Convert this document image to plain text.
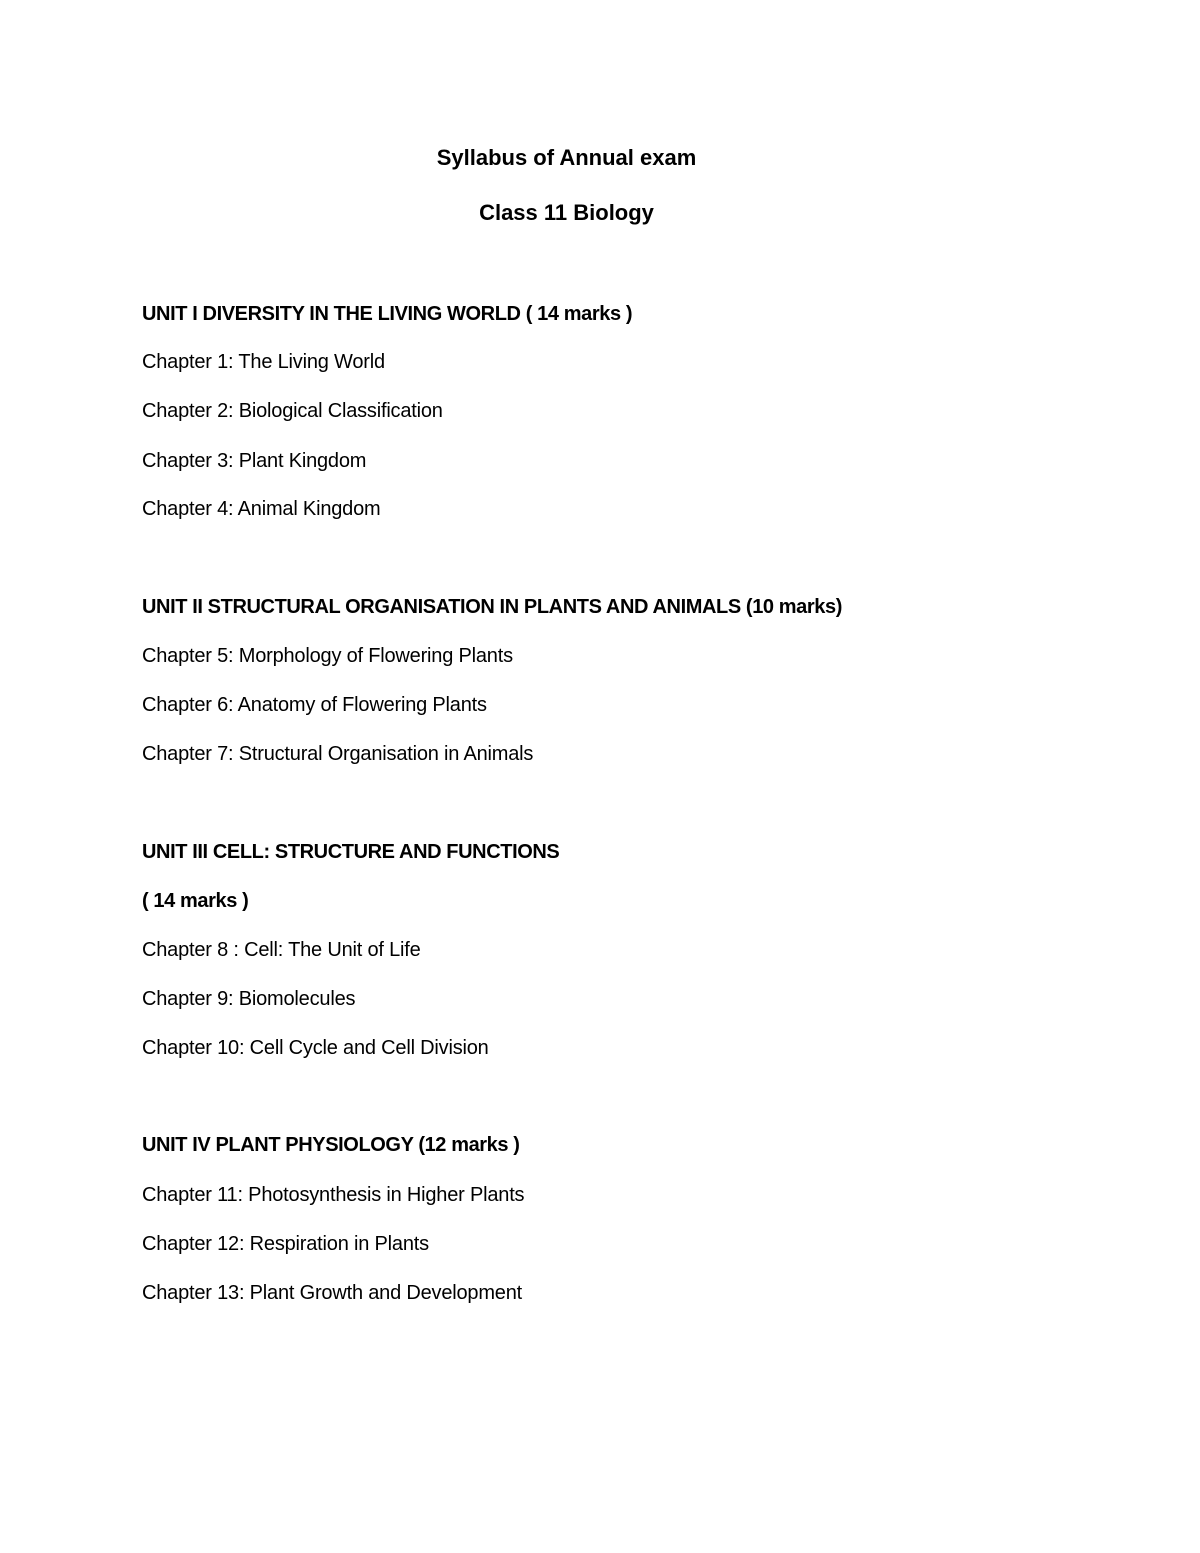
Syllabus of Annual exam
Class 11 Biology

UNIT I DIVERSITY IN THE LIVING WORLD ( 14 marks )

Chapter 1: The Living World

Chapter 2: Biological Classification

Chapter 3: Plant Kingdom

Chapter 4: Animal Kingdom

UNIT II STRUCTURAL ORGANISATION IN PLANTS AND ANIMALS (10 marks)

Chapter 5: Morphology of Flowering Plants

Chapter 6: Anatomy of Flowering Plants

Chapter 7: Structural Organisation in Animals

UNIT III CELL: STRUCTURE AND FUNCTIONS

( 14 marks )

Chapter 8 : Cell: The Unit of Life

Chapter 9: Biomolecules

Chapter 10: Cell Cycle and Cell Division

UNIT IV PLANT PHYSIOLOGY (12 marks )

Chapter 11: Photosynthesis in Higher Plants

Chapter 12: Respiration in Plants

Chapter 13: Plant Growth and Development
